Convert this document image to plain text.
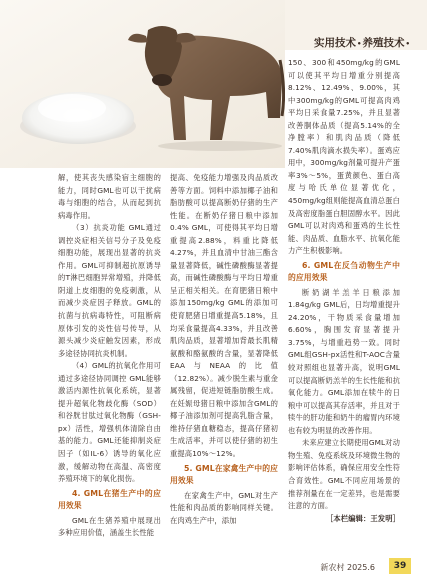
实用技术•养殖技术•

解，使其丧失感染宿主细胞的能力，同时GML也可以干扰病毒与细胞的结合，从而起到抗病毒作用。

（3）抗炎功能 GML通过调控炎症相关信号分子及免疫细胞功能，展现出显著的抗炎作用。GML可抑制超抗原诱导的T淋巴细胞异常增殖，并降低阴道上皮细胞的免疫刺激，从而减少炎症因子释放。GML的抗菌与抗病毒特性，可阻断病原体引发的炎性信号传导，从源头减少炎症触发因素，形成多途径协同抗炎机制。

（4）GML的抗氧化作用可通过多途径协同调控 GML能够激活内源性抗氧化系统，显著提升超氧化物歧化酶（SOD）和谷胱甘肽过氧化物酶（GSH-px）活性，增强机体清除自由基的能力。GML还能抑制炎症因子（如IL-6）诱导的氧化应激，缓解动物在高温、高密度养殖环境下的氧化损伤。

4. GML在猪生产中的应用效果

GML在生猪养殖中展现出多种应用价值，涵盖生长性能

提高、免疫能力增强及肉品质改善等方面。饲料中添加椰子油和脂肪酸可以提高断奶仔猪的生产性能。在断奶仔猪日粮中添加0.4% GML，可使得其平均日增重提高2.88%，料重比降低4.27%，并且血清中甘油三酯含量显著降低，碱性磷酸酶显著提高，而碱性磷酸酶与平均日增重呈正相关相关。在育肥猪日粮中添加150mg/kg GML的添加可使育肥猪日增重提高5.18%，且均采食量提高4.33%，并且改善肌肉品质，显著增加背最长肌精氨酸和酪氨酸的含量，显著降低EAA与NEAA的比值（12.82%）。减少脱生素与重金属残留，促进短链脂肪酸生成。在妊娠母猪日粮中添加含GML的椰子油添加剂可提高乳脂含量，维持仔猪血糖稳态，提高仔猪初生成活率，并可以使仔猪的初生重提高10%～12%。

5. GML在家禽生产中的应用效果

在家禽生产中，GML对生产性能和肉品质的影响同样关键。在肉鸡生产中，添加

150、300和450mg/kg的GML可以使其平均日增重分别提高8.12%、12.49%、9.00%，其中300mg/kg的GML可提高肉鸡平均日采食量7.25%，并且显著改善胴体品质（提高5.14%的全净膛率）和肌肉品质（降低7.40%肌肉滴水损失率）。蛋鸡应用中，300mg/kg剂量可提升产蛋率3%～5%，蛋黄颜色、蛋白高度与哈氏单位显著优化，450mg/kg组则能提高血清总蛋白及高密度脂蛋白胆固醇水平。因此GML可以对肉鸡和蛋鸡的生长性能、肉品质、血脂水平、抗氧化能力产生积极影响。

6. GML在反刍动物生产中的应用效果

断奶湖羊羔羊日粮添加1.84g/kg GML后，日均增重提升24.20%，干物质采食量增加6.60%，胸围发育显著提升3.75%，与增重趋势一致。同时GML组GSH-px活性和T-AOC含量较对照组也显著升高，说明GML可以提高断奶羔羊的生长性能和抗氧化能力。GML添加在犊牛的日粮中可以提高其存活率，并且对于犊牛的肝功能和奶牛的瘤胃内环境也有较为明显的改善作用。

未来应建立长期使用GML对动物生殖、免疫系统及环境微生物的影响评估体系，确保应用安全性符合育效性。GML不同应用场景的推荐剂量在在一定差异，也是需要注意的方面。

［本栏编辑：王发明］

新农村 2025.6	39
